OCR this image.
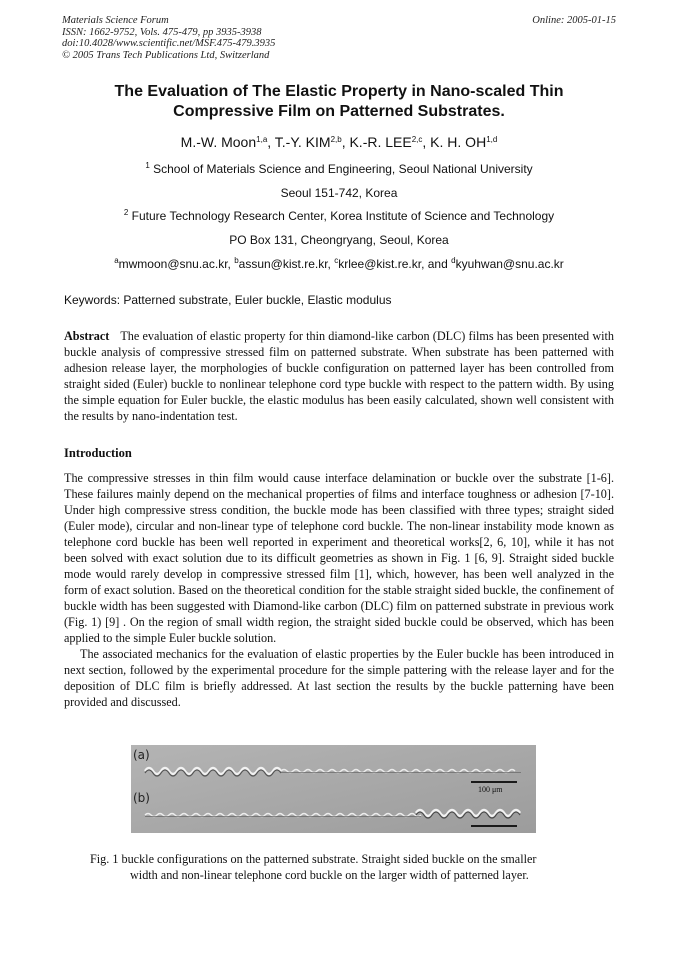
Materials Science Forum
ISSN: 1662-9752, Vols. 475-479, pp 3935-3938
doi:10.4028/www.scientific.net/MSF.475-479.3935
© 2005 Trans Tech Publications Ltd, Switzerland
Online: 2005-01-15
The Evaluation of The Elastic Property in Nano-scaled Thin
Compressive Film on Patterned Substrates.
M.-W. Moon$^{1,a}$, T.-Y. KIM$^{2,b}$, K.-R. LEE$^{2,c}$, K. H. OH$^{1,d}$
$^1$ School of Materials Science and Engineering, Seoul National University
Seoul 151-742, Korea
$^2$ Future Technology Research Center, Korea Institute of Science and Technology
PO Box 131, Cheongryang, Seoul, Korea
$^a$mwmoon@snu.ac.kr, $^b$assun@kist.re.kr, $^c$krlee@kist.re.kr, and $^d$kyuhwan@snu.ac.kr
Keywords: Patterned substrate, Euler buckle, Elastic modulus
Abstract The evaluation of elastic property for thin diamond-like carbon (DLC) films has been presented with buckle analysis of compressive stressed film on patterned substrate. When substrate has been patterned with adhesion release layer, the morphologies of buckle configuration on patterned layer has been controlled from straight sided (Euler) buckle to nonlinear telephone cord type buckle with respect to the pattern width. By using the simple equation for Euler buckle, the elastic modulus has been easily calculated, shown well consistent with the results by nano-indentation test.
Introduction

The compressive stresses in thin film would cause interface delamination or buckle over the substrate [1-6]. These failures mainly depend on the mechanical properties of films and interface toughness or adhesion [7-10]. Under high compressive stress condition, the buckle mode has been classified with three types; straight sided (Euler mode), circular and non-linear type of telephone cord buckle. The non-linear instability mode known as telephone cord buckle has been well reported in experiment and theoretical works[2, 6, 10], while it has not been solved with exact solution due to its difficult geometries as shown in Fig. 1 [6, 9]. Straight sided buckle mode would rarely develop in compressive stressed film [1], which, however, has been well analyzed in the form of exact solution. Based on the theoretical condition for the stable straight sided buckle, the confinement of buckle width has been suggested with Diamond-like carbon (DLC) film on patterned substrate in previous work (Fig. 1) [9] . On the region of small width region, the straight sided buckle could be observed, which has been applied to the simple Euler buckle solution.

The associated mechanics for the evaluation of elastic properties by the Euler buckle has been introduced in next section, followed by the experimental procedure for the simple pattering with the release layer and for the deposition of DLC film is briefly addressed. At last section the results by the buckle patterning have been provided and discussed.

(a)
(b)
100 μm
Fig. 1 buckle configurations on the patterned substrate. Straight sided buckle on the smaller
width and non-linear telephone cord buckle on the larger width of patterned layer.
